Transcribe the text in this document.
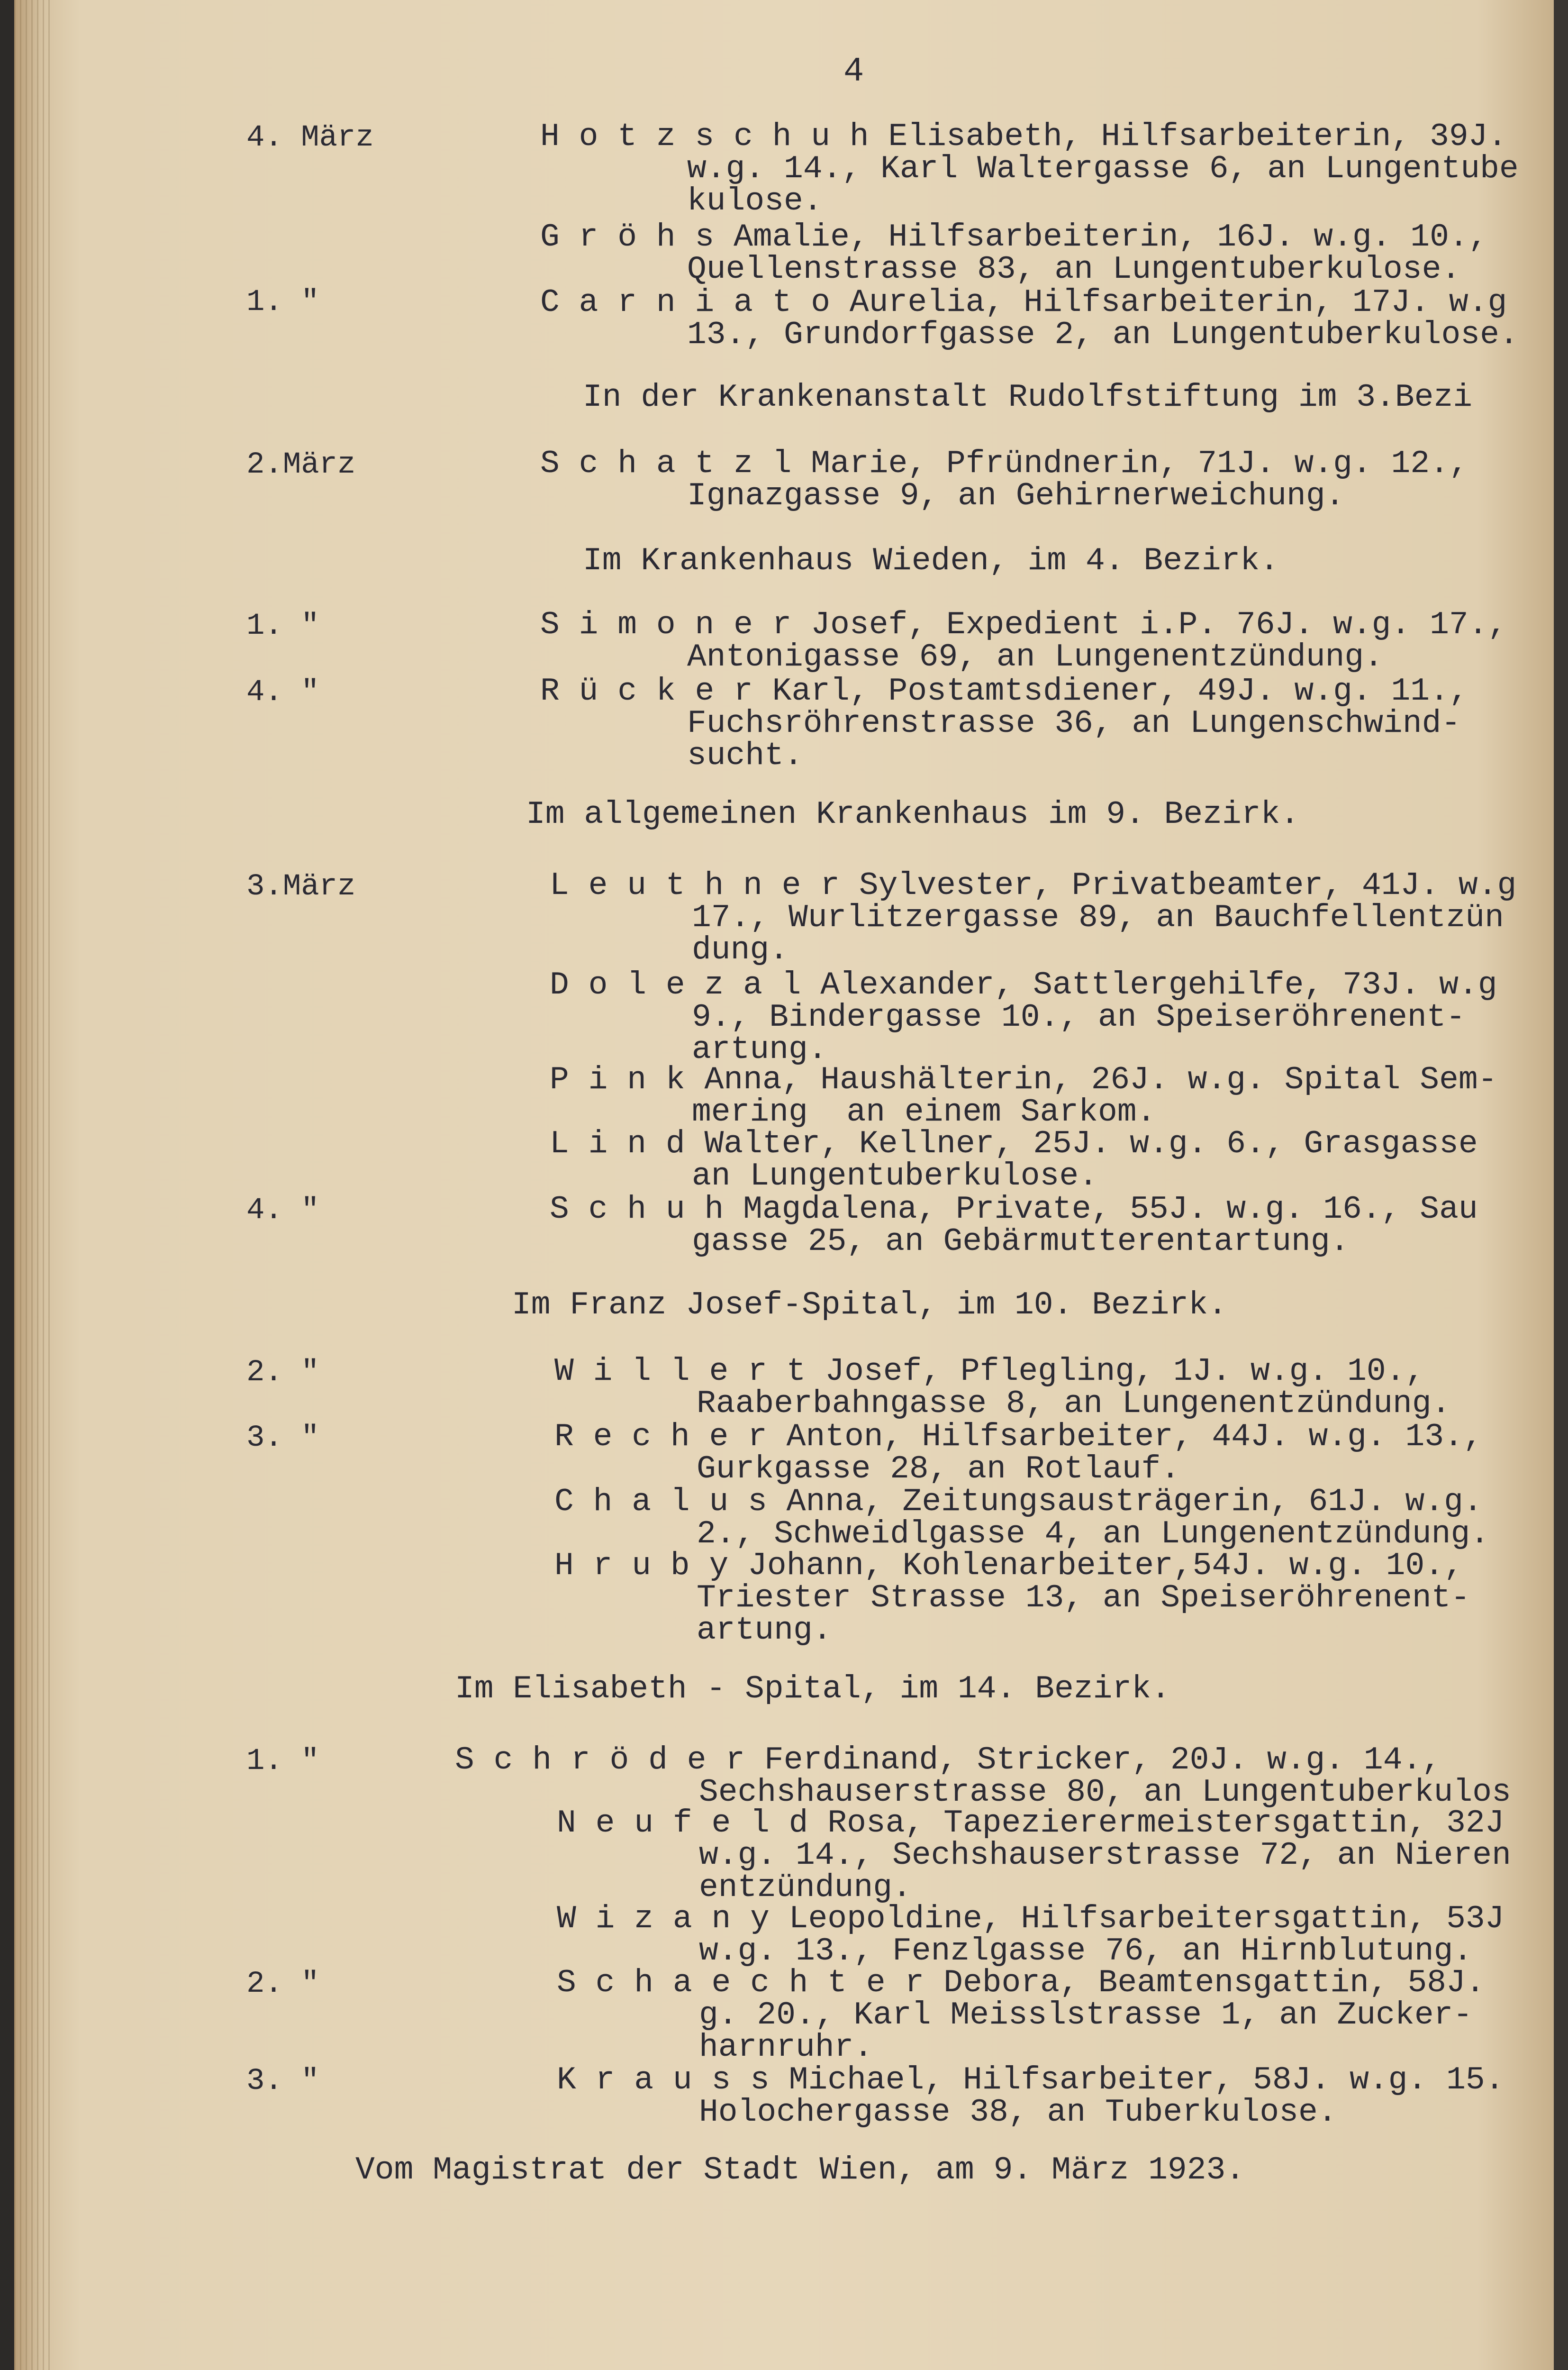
4
4. März	H o t z s c h u h Elisabeth, Hilfsarbeiterin, 39J.
w.g. 14., Karl Waltergasse 6, an Lungentube
kulose.
G r ö h s Amalie, Hilfsarbeiterin, 16J. w.g. 10.,
Quellenstrasse 83, an Lungentuberkulose.
1. "	C a r n i a t o Aurelia, Hilfsarbeiterin, 17J. w.g
13., Grundorfgasse 2, an Lungentuberkulose.
In der Krankenanstalt Rudolfstiftung im 3.Bezi
2.März	S c h a t z l Marie, Pfründnerin, 71J. w.g. 12.,
Ignazgasse 9, an Gehirnerweichung.
Im Krankenhaus Wieden, im 4. Bezirk.
1. "	S i m o n e r Josef, Expedient i.P. 76J. w.g. 17.,
Antonigasse 69, an Lungenentzündung.
4. "	R ü c k e r Karl, Postamtsdiener, 49J. w.g. 11.,
Fuchsröhrenstrasse 36, an Lungenschwind-
sucht.
Im allgemeinen Krankenhaus im 9. Bezirk.
3.März	L e u t h n e r Sylvester, Privatbeamter, 41J. w.g
17., Wurlitzergasse 89, an Bauchfellentzün
dung.
D o l e z a l Alexander, Sattlergehilfe, 73J. w.g
9., Bindergasse 10., an Speiseröhrenent-
artung.
P i n k Anna, Haushälterin, 26J. w.g. Spital Sem-
mering  an einem Sarkom.
L i n d Walter, Kellner, 25J. w.g. 6., Grasgasse
an Lungentuberkulose.
4. "	S c h u h Magdalena, Private, 55J. w.g. 16., Sau
gasse 25, an Gebärmutterentartung.
Im Franz Josef-Spital, im 10. Bezirk.
2. "	W i l l e r t Josef, Pflegling, 1J. w.g. 10.,
Raaberbahngasse 8, an Lungenentzündung.
3. "	R e c h e r Anton, Hilfsarbeiter, 44J. w.g. 13.,
Gurkgasse 28, an Rotlauf.
C h a l u s Anna, Zeitungsausträgerin, 61J. w.g.
2., Schweidlgasse 4, an Lungenentzündung.
H r u b y Johann, Kohlenarbeiter,54J. w.g. 10.,
Triester Strasse 13, an Speiseröhrenent-
artung.
Im Elisabeth - Spital, im 14. Bezirk.
1. "	S c h r ö d e r Ferdinand, Stricker, 20J. w.g. 14.,
Sechshauserstrasse 80, an Lungentuberkulos
N e u f e l d Rosa, Tapezierermeistersgattin, 32J
w.g. 14., Sechshauserstrasse 72, an Nieren
entzündung.
W i z a n y Leopoldine, Hilfsarbeitersgattin, 53J
w.g. 13., Fenzlgasse 76, an Hirnblutung.
2. "	S c h a e c h t e r Debora, Beamtensgattin, 58J.
g. 20., Karl Meisslstrasse 1, an Zucker-
harnruhr.
3. "	K r a u s s Michael, Hilfsarbeiter, 58J. w.g. 15.
Holochergasse 38, an Tuberkulose.
Vom Magistrat der Stadt Wien, am 9. März 1923.
